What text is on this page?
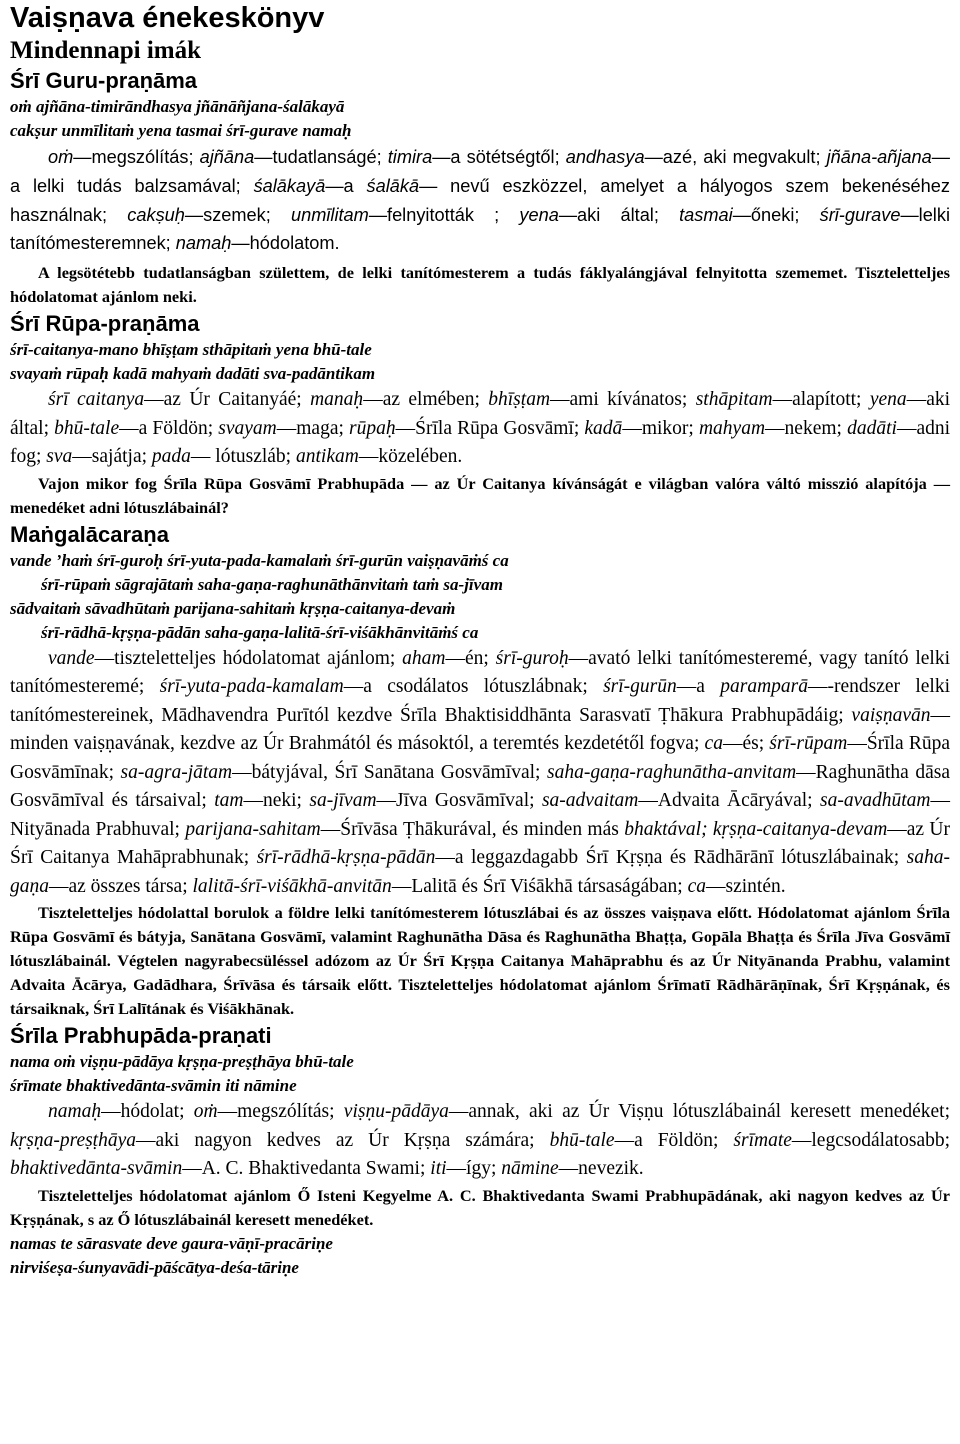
Vaiṣṇava énekeskönyv
Mindennapi imák
Śrī Guru-praṇāma
oṁ ajñāna-timirāndhasya jñānāñjana-śalākayā
cakṣur unmīlitaṁ yena tasmai śrī-gurave namaḥ

oṁ—megszólítás; ajñāna—tudatlanságé; timira—a sötétségtől; andhasya—azé, aki megvakult; jñāna-añjana—a lelki tudás balzsamával; śalākayā—a śalākā— nevű eszközzel, amelyet a hályogos szem bekenéséhez használnak; cakṣuḥ—szemek; unmīlitam—felnyitották ; yena—aki által; tasmai—őneki; śrī-gurave—lelki tanítómesteremnek; namaḥ—hódolatom.

A legsötétebb tudatlanságban születtem, de lelki tanítómesterem a tudás fáklyalángjával felnyitotta szememet. Tiszteletteljes hódolatomat ajánlom neki.

Śrī Rūpa-praṇāma
śrī-caitanya-mano bhīṣṭam sthāpitaṁ yena bhū-tale
svayaṁ rūpaḥ kadā mahyaṁ dadāti sva-padāntikam

śrī caitanya—az Úr Caitanyáé; manaḥ—az elmében; bhīṣṭam—ami kívánatos; sthāpitam—alapított; yena—aki által; bhū-tale—a Földön; svayam—maga; rūpaḥ—Śrīla Rūpa Gosvāmī; kadā—mikor; mahyam—nekem; dadāti—adni fog; sva—sajátja; pada— lótuszláb; antikam—közelében.

Vajon mikor fog Śrīla Rūpa Gosvāmī Prabhupāda — az Úr Caitanya kívánságát e világban valóra váltó misszió alapítója — menedéket adni lótuszlábainál?

Maṅgalācaraṇa
vande ’haṁ śrī-guroḥ śrī-yuta-pada-kamalaṁ śrī-gurūn vaiṣṇavāṁś ca
śrī-rūpaṁ sāgrajātaṁ saha-gaṇa-raghunāthānvitaṁ taṁ sa-jīvam
sādvaitaṁ sāvadhūtaṁ parijana-sahitaṁ kṛṣṇa-caitanya-devaṁ
śrī-rādhā-kṛṣṇa-pādān saha-gaṇa-lalitā-śrī-viśākhānvitāṁś ca

vande—tiszteletteljes hódolatomat ajánlom; aham—én; śrī-guroḥ—avató lelki tanítómesteremé, vagy tanító lelki tanítómesteremé; śrī-yuta-pada-kamalam—a csodálatos lótuszlábnak; śrī-gurūn—a paramparā—-rendszer lelki tanítómestereinek, Mādhavendra Purītól kezdve Śrīla Bhaktisiddhānta Sarasvatī Ṭhākura Prabhupādáig; vaiṣṇavān—minden vaiṣṇavának, kezdve az Úr Brahmától és másoktól, a teremtés kezdetétől fogva; ca—és; śrī-rūpam—Śrīla Rūpa Gosvāmīnak; sa-agra-jātam—bátyjával, Śrī Sanātana Gosvāmīval; saha-gaṇa-raghunātha-anvitam—Raghunātha dāsa Gosvāmīval és társaival; tam—neki; sa-jīvam—Jīva Gosvāmīval; sa-advaitam—Advaita Ācāryával; sa-avadhūtam—Nityānada Prabhuval; parijana-sahitam—Śrīvāsa Ṭhākurával, és minden más bhaktával; kṛṣṇa-caitanya-devam—az Úr Śrī Caitanya Mahāprabhunak; śrī-rādhā-kṛṣṇa-pādān—a leggazdagabb Śrī Kṛṣṇa és Rādhārānī lótuszlábainak; saha-gaṇa—az összes társa; lalitā-śrī-viśākhā-anvitān—Lalitā és Śrī Viśākhā társaságában; ca—szintén.

Tiszteletteljes hódolattal borulok a földre lelki tanítómesterem lótuszlábai és az összes vaiṣṇava előtt. Hódolatomat ajánlom Śrīla Rūpa Gosvāmī és bátyja, Sanātana Gosvāmī, valamint Raghunātha Dāsa és Raghunātha Bhaṭṭa, Gopāla Bhaṭṭa és Śrīla Jīva Gosvāmī lótuszlábainál. Végtelen nagyrabecsüléssel adózom az Úr Śrī Kṛṣṇa Caitanya Mahāprabhu és az Úr Nityānanda Prabhu, valamint Advaita Ācārya, Gadādhara, Śrīvāsa és társaik előtt. Tiszteletteljes hódolatomat ajánlom Śrīmatī Rādhārāṇīnak, Śrī Kṛṣṇának, és társaiknak, Śrī Lalītának és Viśākhānak.

Śrīla Prabhupāda-praṇati
nama oṁ viṣṇu-pādāya kṛṣṇa-preṣṭhāya bhū-tale
śrīmate bhaktivedānta-svāmin iti nāmine

namaḥ—hódolat; oṁ—megszólítás; viṣṇu-pādāya—annak, aki az Úr Viṣṇu lótuszlábainál keresett menedéket; kṛṣṇa-preṣṭhāya—aki nagyon kedves az Úr Kṛṣṇa számára; bhū-tale—a Földön; śrīmate—legcsodálatosabb; bhaktivedānta-svāmin—A. C. Bhaktivedanta Swami; iti—így; nāmine—nevezik.

Tiszteletteljes hódolatomat ajánlom Ő Isteni Kegyelme A. C. Bhaktivedanta Swami Prabhupādának, aki nagyon kedves az Úr Kṛṣṇának, s az Ő lótuszlábainál keresett menedéket.

namas te sārasvate deve gaura-vāṇī-pracāriṇe
nirviśeṣa-śunyavādi-pāścātya-deśa-tāriṇe
